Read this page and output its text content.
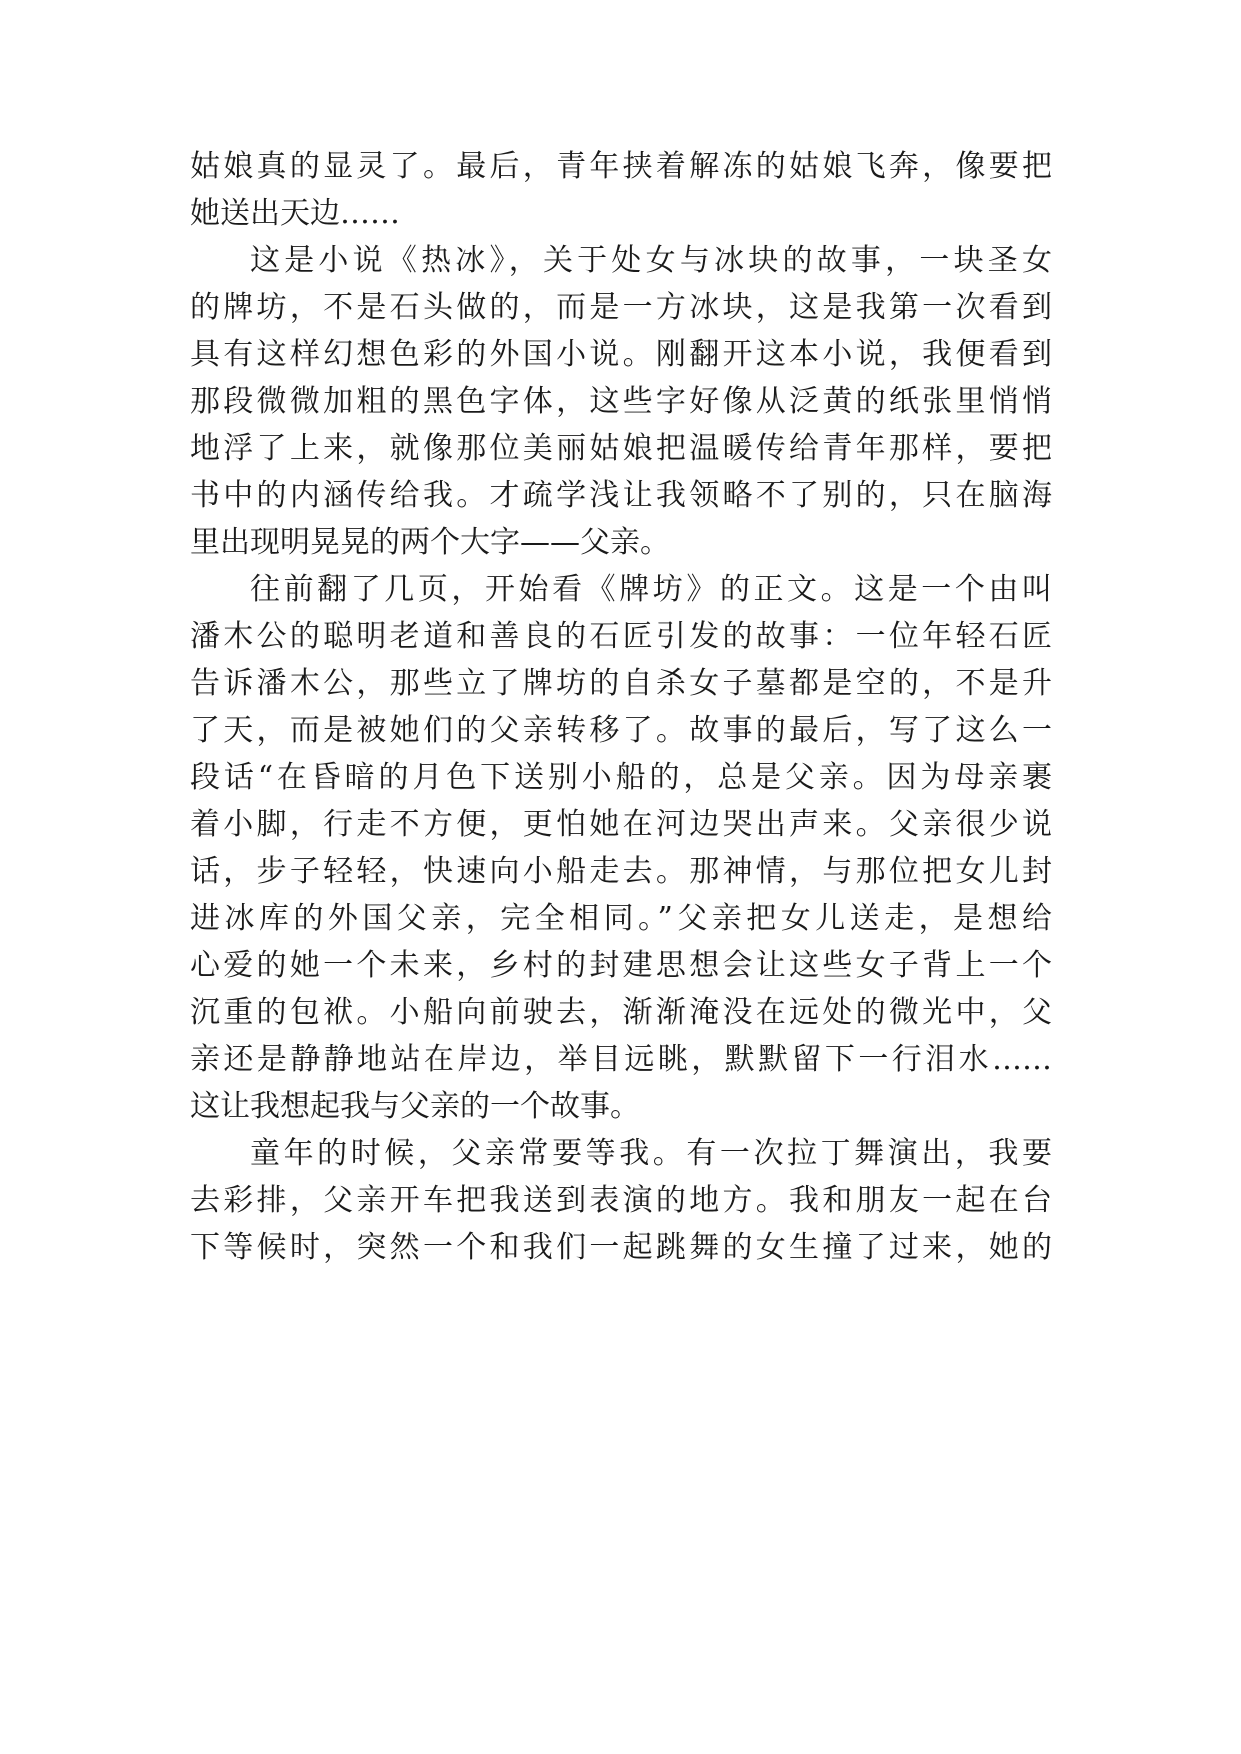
姑娘真的显灵了。最后，青年挟着解冻的姑娘飞奔，像要把
她送出天边……
这是小说《热冰》，关于处女与冰块的故事，一块圣女
的牌坊，不是石头做的，而是一方冰块，这是我第一次看到
具有这样幻想色彩的外国小说。刚翻开这本小说，我便看到
那段微微加粗的黑色字体，这些字好像从泛黄的纸张里悄悄
地浮了上来，就像那位美丽姑娘把温暖传给青年那样，要把
书中的内涵传给我。才疏学浅让我领略不了别的，只在脑海
里出现明晃晃的两个大字——父亲。
往前翻了几页，开始看《牌坊》的正文。这是一个由叫
潘木公的聪明老道和善良的石匠引发的故事：一位年轻石匠
告诉潘木公，那些立了牌坊的自杀女子墓都是空的，不是升
了天，而是被她们的父亲转移了。故事的最后，写了这么一
段话“在昏暗的月色下送别小船的，总是父亲。因为母亲裹
着小脚，行走不方便，更怕她在河边哭出声来。父亲很少说
话，步子轻轻，快速向小船走去。那神情，与那位把女儿封
进冰库的外国父亲，完全相同。”父亲把女儿送走，是想给
心爱的她一个未来，乡村的封建思想会让这些女子背上一个
沉重的包袱。小船向前驶去，渐渐淹没在远处的微光中，父
亲还是静静地站在岸边，举目远眺，默默留下一行泪水……
这让我想起我与父亲的一个故事。
童年的时候，父亲常要等我。有一次拉丁舞演出，我要
去彩排，父亲开车把我送到表演的地方。我和朋友一起在台
下等候时，突然一个和我们一起跳舞的女生撞了过来，她的
